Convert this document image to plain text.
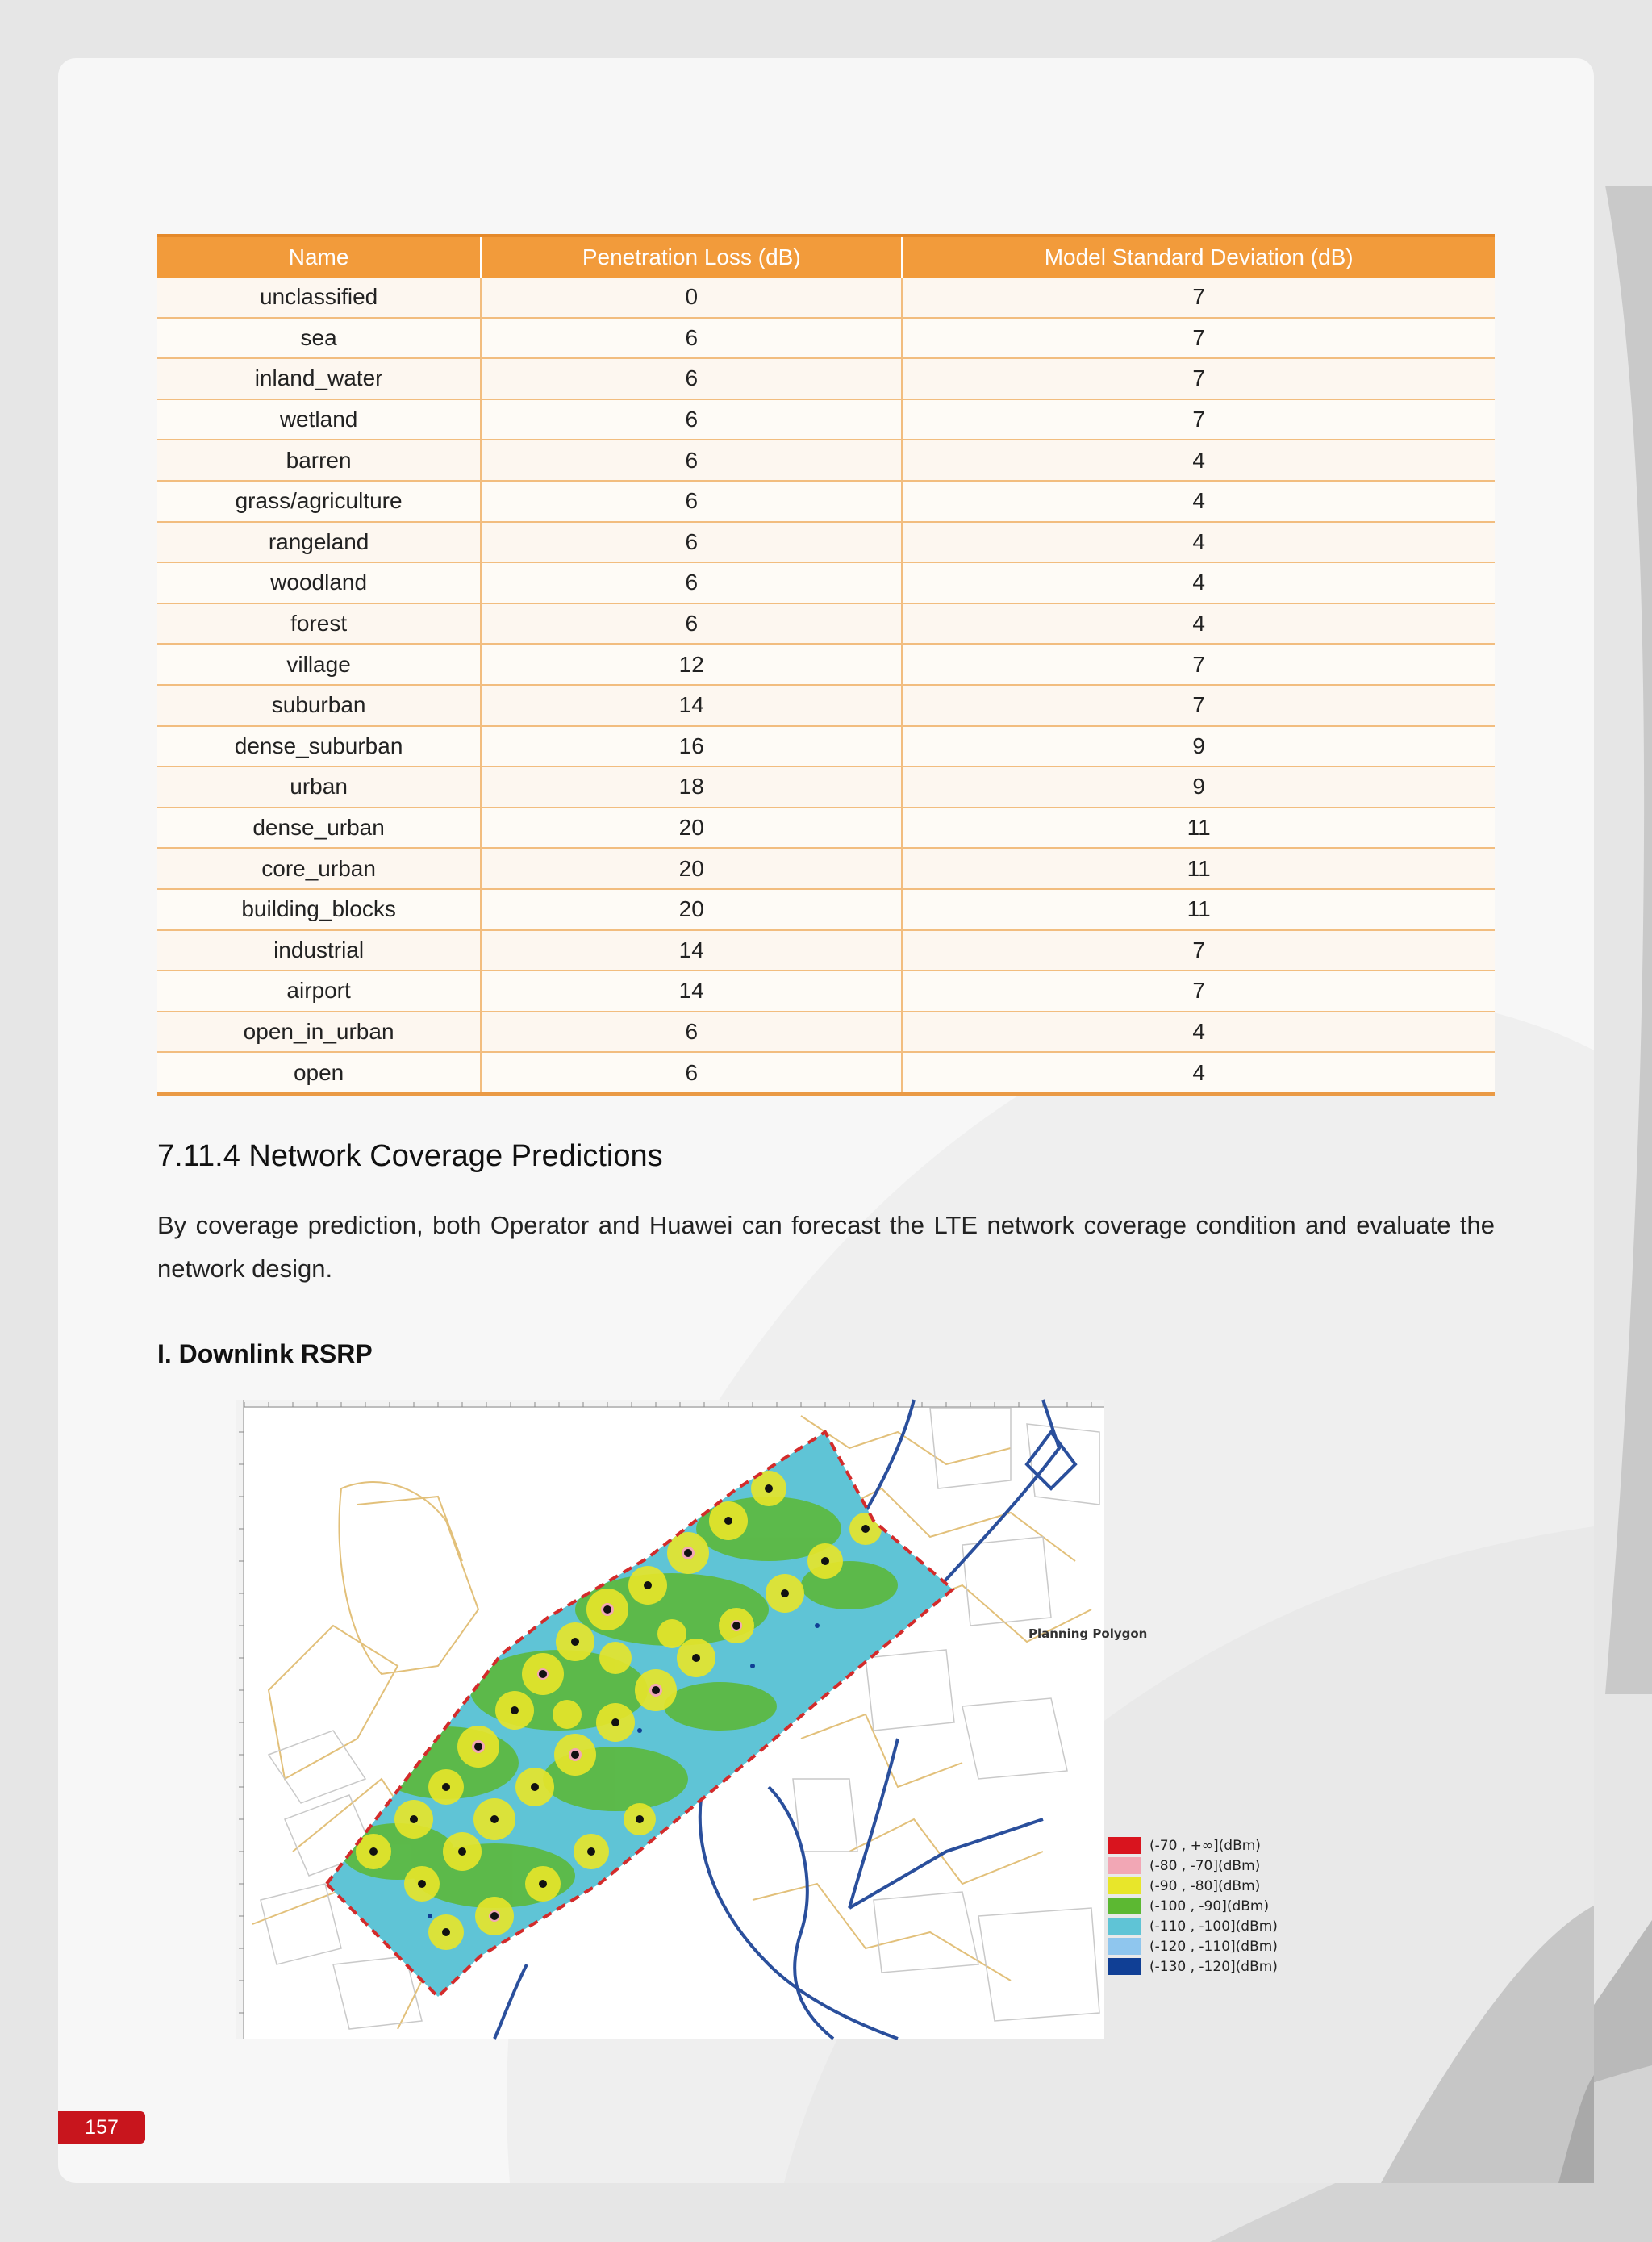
Name	Penetration Loss (dB)	Model Standard Deviation (dB)
unclassified	0	7
sea	6	7
inland_water	6	7
wetland	6	7
barren	6	4
grass/agriculture	6	4
rangeland	6	4
woodland	6	4
forest	6	4
village	12	7
suburban	14	7
dense_suburban	16	9
urban	18	9
dense_urban	20	11
core_urban	20	11
building_blocks	20	11
industrial	14	7
airport	14	7
open_in_urban	6	4
open	6	4
7.11.4 Network Coverage Predictions

By coverage prediction, both Operator and Huawei can forecast the LTE network coverage condition and evaluate the network design.

I. Downlink RSRP
157
Planning Polygon
(-70 , +∞](dBm)
(-80 , -70](dBm)
(-90 , -80](dBm)
(-100 , -90](dBm)
(-110 , -100](dBm)
(-120 , -110](dBm)
(-130 , -120](dBm)
